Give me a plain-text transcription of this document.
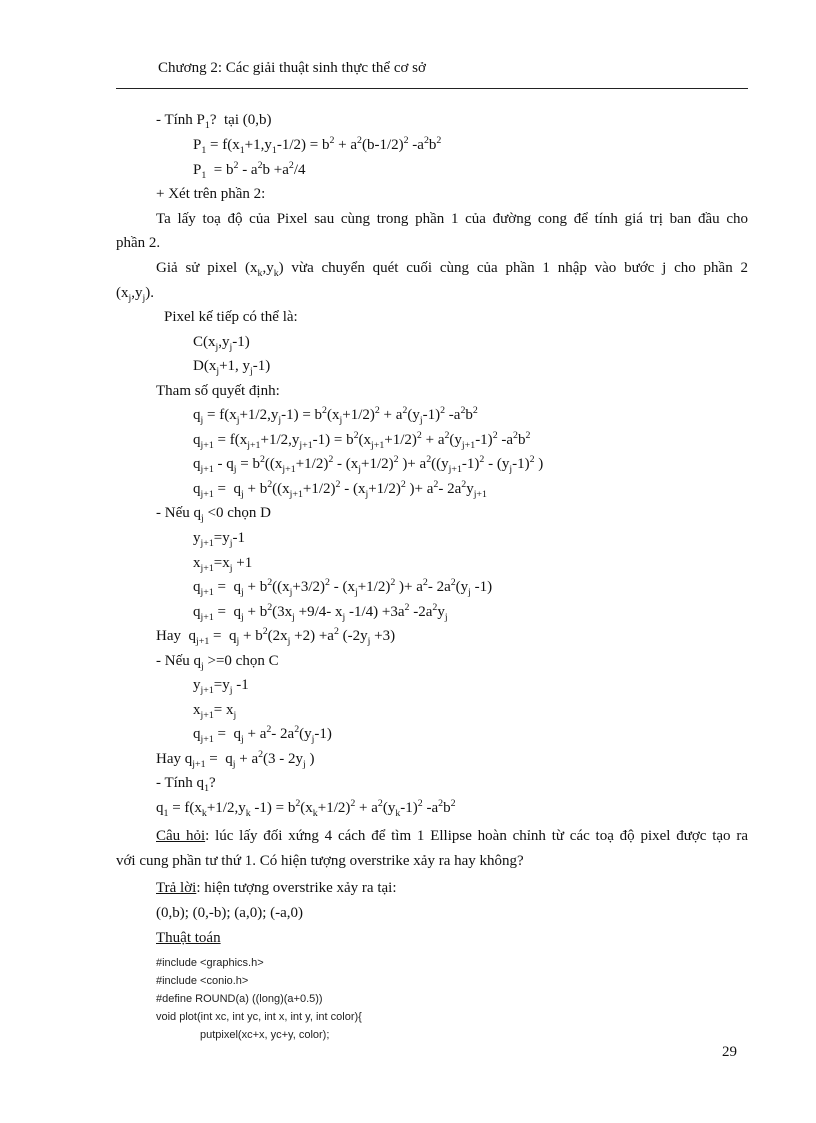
Chương 2: Các giải thuật sinh thực thể cơ sở
- Tính $P_1$?  tại (0,b)
$P_1 = f(x_1+1,y_1-1/2) = b^2 + a^2(b-1/2)^2$ $-a^2b^2$
$P_1 = b^2 - a^2b +a^2/4$
+ Xét trên phần 2:
Ta lấy toạ độ của Pixel sau cùng trong phần 1 của đường cong để tính giá trị ban đầu cho
phần 2.
Giả sử pixel $(x_k,y_k)$ vừa chuyển quét cuối cùng của phần 1 nhập vào bước j cho phần 2
$(x_j,y_j)$.
Pixel kế tiếp có thể là:
$C(x_j,y_j-1)$
$D(x_j+1$, $y_j-1$)
Tham số quyết định:
$q_j = f(x_j+1/2,y_j-1) = b^2(x_j+1/2)^2 + a^2(y_j-1)^2$ $-a^2b^2$
$q_{j+1} = f(x_{j+1}+1/2,y_{j+1}-1) = b^2(x_{j+1}+1/2)^2 + a^2(y_{j+1}-1)^2$ $-a^2b^2$
$q_{j+1} - q_j = b^2((x_{j+1}+1/2)^2 - (x_j+1/2)^2$ )+ $a^2((y_{j+1}-1)^2 - (y_j-1)^2$ )
$q_{j+1} = q_j + b^2((x_{j+1}+1/2)^2 - (x_j+1/2)^2$ )+ $a^2-$ $2a^2y_{j+1}$
- Nếu $q_j <0$ chọn D
$y_{j+1}=y_j-1$
$x_{j+1}=x_j +1$
$q_{j+1} = q_j + b^2((x_j+3/2)^2 - (x_j+1/2)^2$ )+ $a^2-$ $2a^2(y_j$ -1)
$q_{j+1} = q_j + b^2(3x_j +9/4-$ $x_j$ $-1/4) +3a^2$ $-2a^2y_j$
Hay  $q_{j+1} = q_j + b^2(2x_j +2) +a^2$ $(-2y_j +3)$
- Nếu $q_j >=0$ chọn C
$y_{j+1}=y_j$ -1
$x_{j+1}= x_j$
$q_{j+1} = q_j + a^2-$ $2a^2(y_j-1)$
Hay $q_{j+1} = q_j + a^2(3 - 2y_j$ )
- Tính $q_1$?
$q_1 = f(x_k+1/2,y_k$ $-1) = b^2(x_k+1/2)^2 + a^2(y_k-1)^2$ $-a^2b^2$
Câu hỏi: lúc lấy đối xứng 4 cách để tìm 1 Ellipse hoàn chỉnh từ các toạ độ pixel được tạo ra
với cung phần tư thứ 1. Có hiện tượng overstrike xảy ra hay không?
Trả lời: hiện tượng overstrike xảy ra tại:
(0,b); (0,-b); (a,0); (-a,0)
Thuật toán
#include <graphics.h>
#include <conio.h>
#define ROUND(a) ((long)(a+0.5))
void plot(int xc, int yc, int x, int y, int color){
putpixel(xc+x, yc+y, color);
29
